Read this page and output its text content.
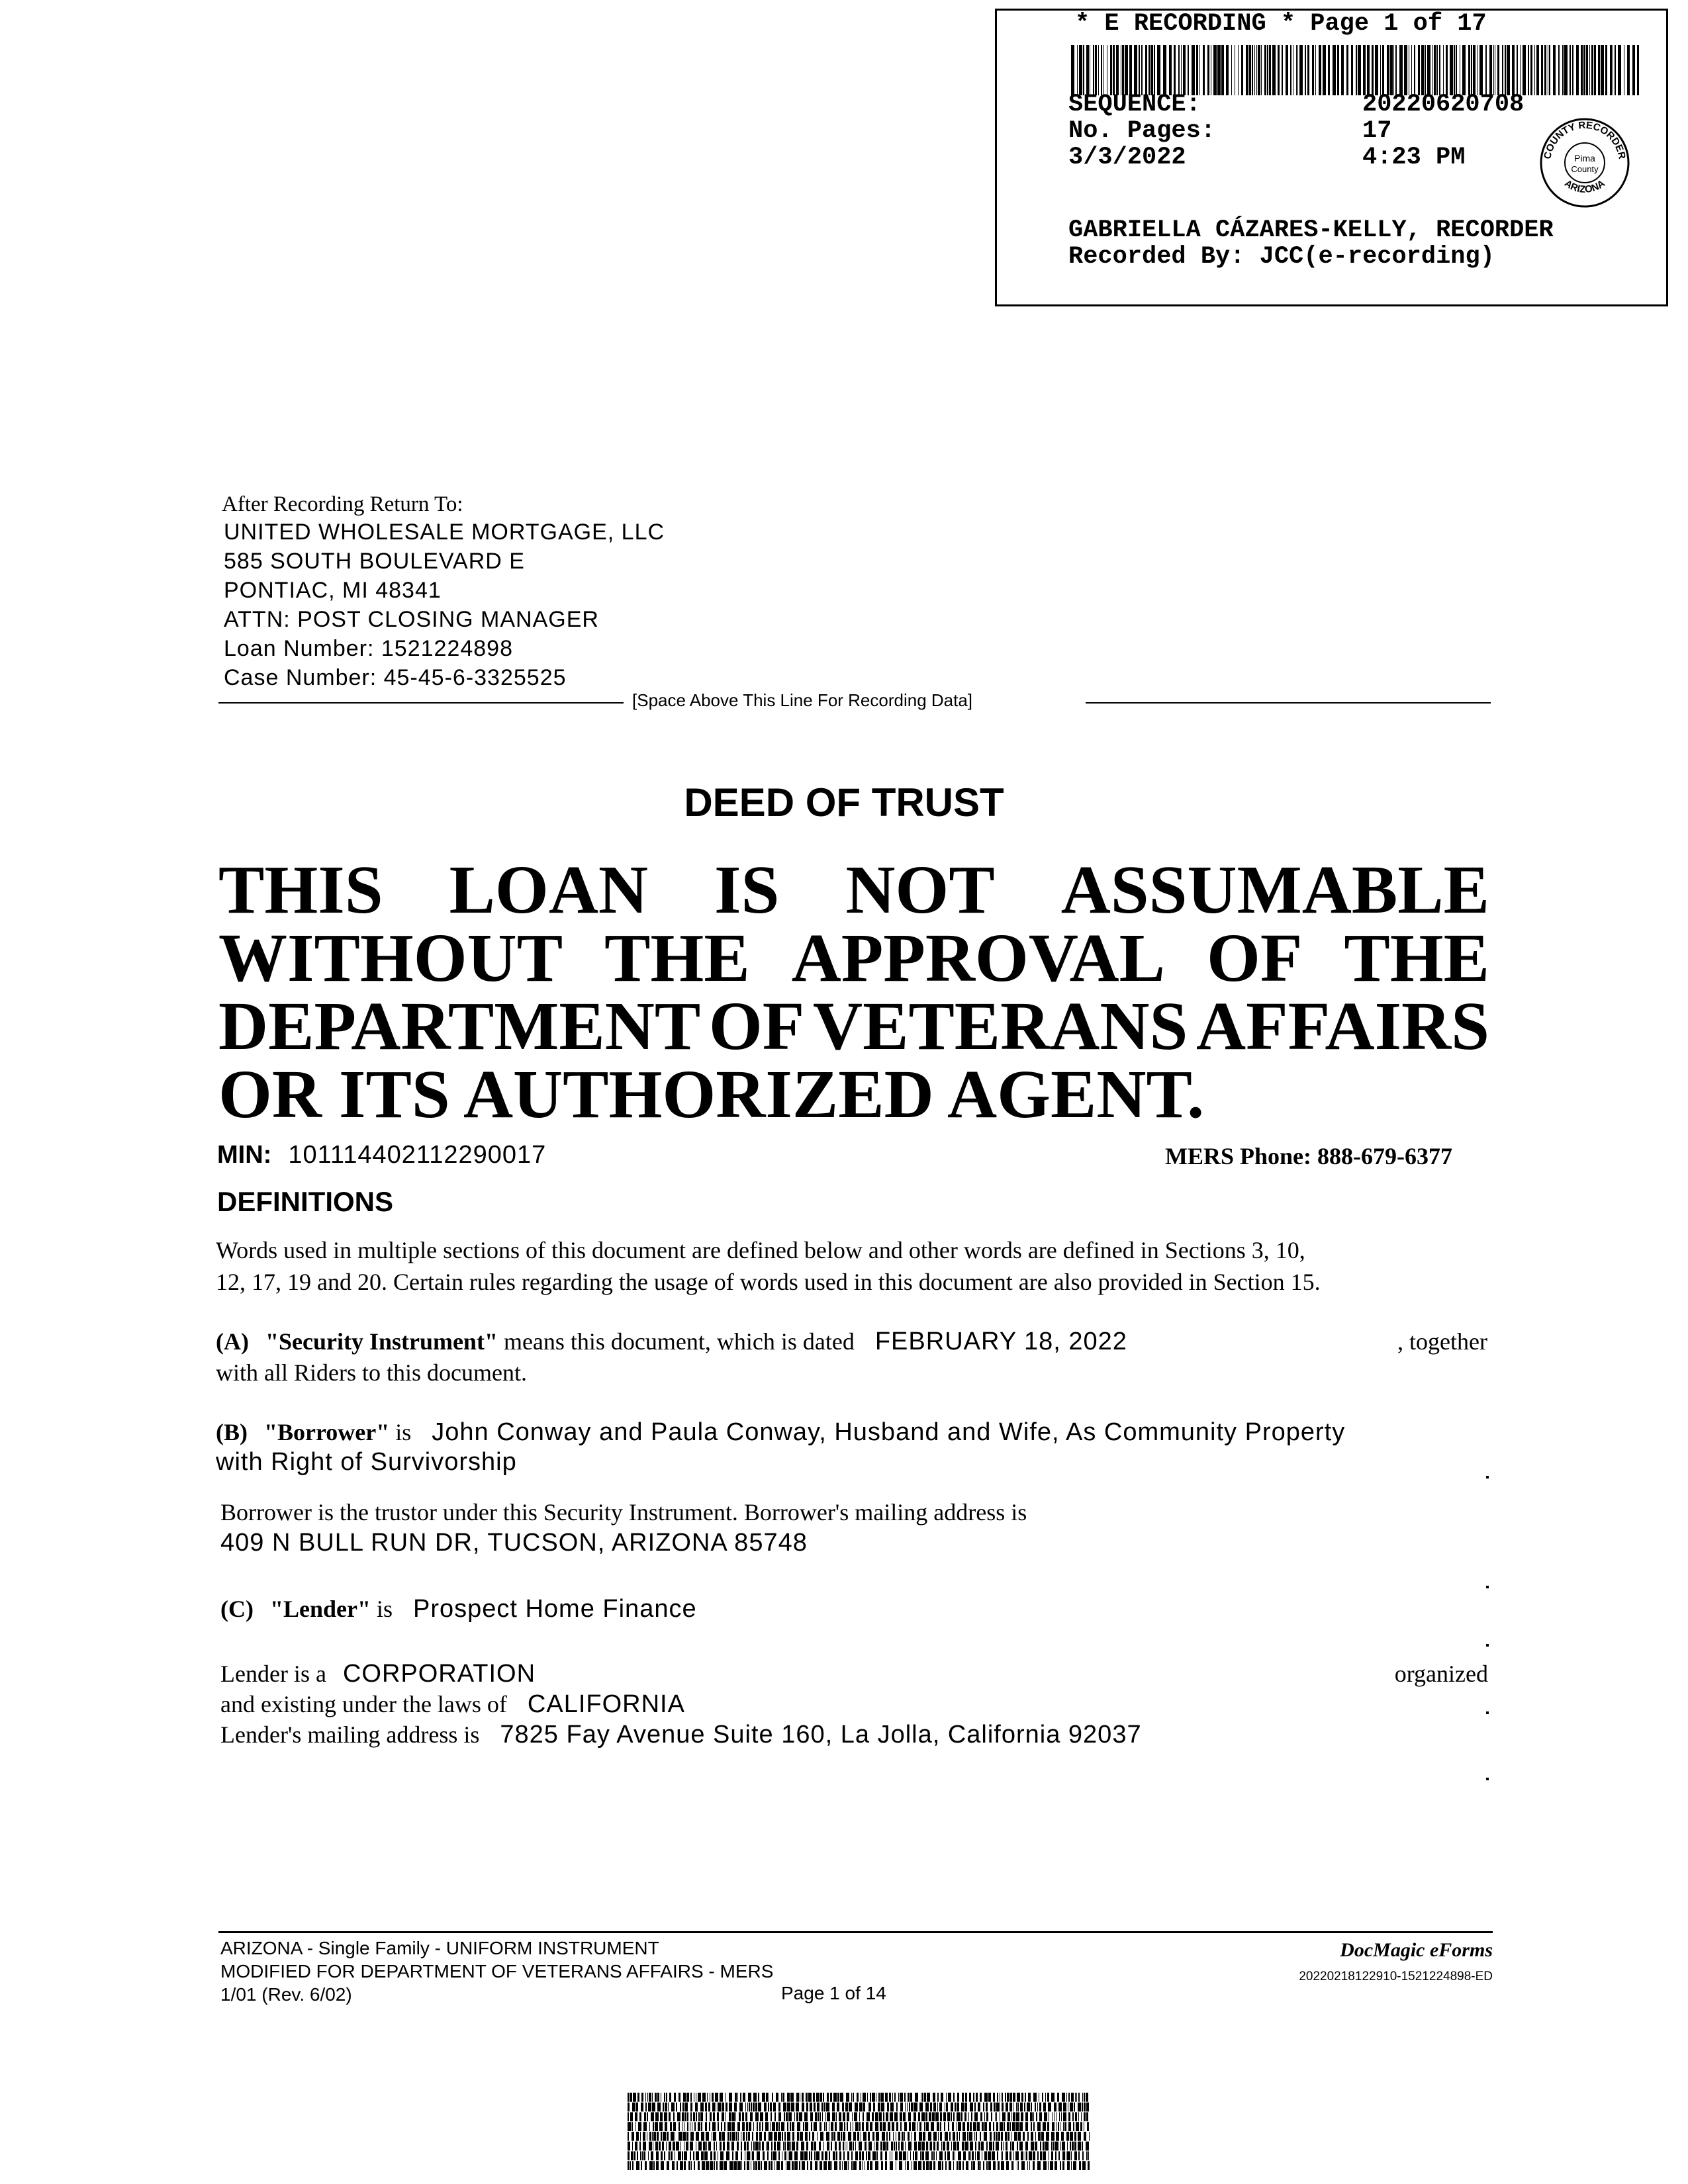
* E RECORDING * Page 1 of 17
SEQUENCE:	20220620708
No. Pages:	17
3/3/2022	4:23 PM	COUNTY RECORDER
ARIZONA
Pima
County
GABRIELLA CÁZARES-KELLY, RECORDER
Recorded By: JCC(e-recording)
After Recording Return To:
UNITED WHOLESALE MORTGAGE, LLC
585 SOUTH BOULEVARD E
PONTIAC, MI 48341
ATTN: POST CLOSING MANAGER
Loan Number: 1521224898
Case Number: 45-45-6-3325525
[Space Above This Line For Recording Data]
DEED OF TRUST
THIS LOAN IS NOT ASSUMABLE
WITHOUT THE APPROVAL OF THE
DEPARTMENT OF VETERANS AFFAIRS
OR ITS AUTHORIZED AGENT.
MIN: 101114402112290017	MERS Phone: 888-679-6377
DEFINITIONS
Words used in multiple sections of this document are defined below and other words are defined in Sections 3, 10,
12, 17, 19 and 20. Certain rules regarding the usage of words used in this document are also provided in Section 15.
(A) "Security Instrument" means this document, which is dated FEBRUARY 18, 2022	, together
with all Riders to this document.
(B) "Borrower" is John Conway and Paula Conway, Husband and Wife, As Community Property
with Right of Survivorship
Borrower is the trustor under this Security Instrument. Borrower's mailing address is
409 N BULL RUN DR, TUCSON, ARIZONA 85748
(C) "Lender" is Prospect Home Finance
Lender is a CORPORATION	organized
and existing under the laws of CALIFORNIA
Lender's mailing address is 7825 Fay Avenue Suite 160, La Jolla, California 92037
ARIZONA - Single Family - UNIFORM INSTRUMENT
MODIFIED FOR DEPARTMENT OF VETERANS AFFAIRS - MERS
1/01 (Rev. 6/02)	Page 1 of 14
DocMagic eForms
20220218122910-1521224898-ED
